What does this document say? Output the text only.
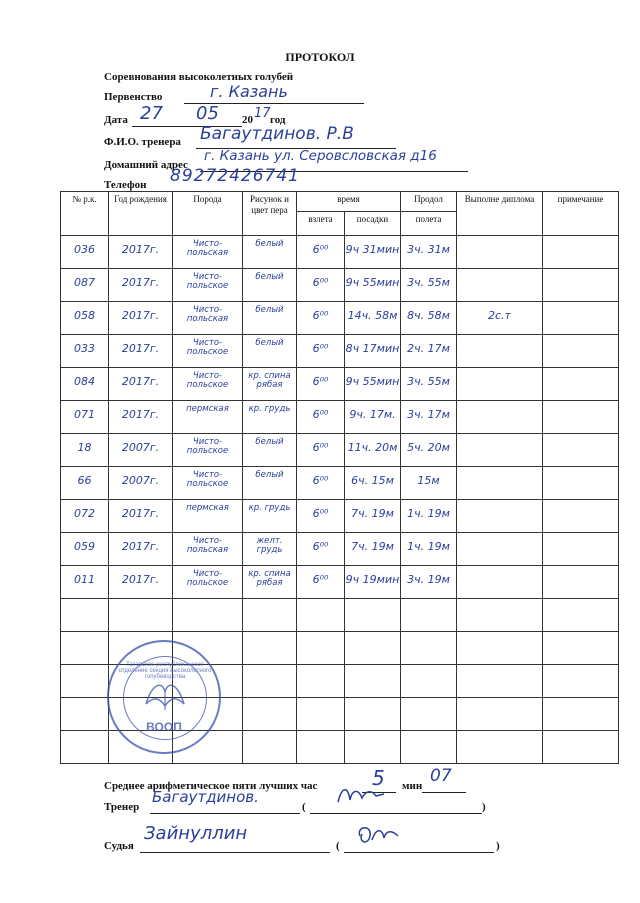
ПРОТОКОЛ
Соревнования высоколетных голубей
Первенство	г. Казань
Дата 27 05 20 17 год
Ф.И.О. тренера Багаутдинов. Р.В
Домашний адрес
г. Казань ул. Серовсловская д16
Телефон 89272426741
№ р.к.	Год рождения	Порода	Рисунок и цвет пера	время		Продол	Выполне диплома	примечание
				взлета	посадки	полета		

036	2017г.	Чисто-польская	белый	6⁰⁰	9ч 31мин	3ч. 31м		

087	2017г.	Чисто-польское	белый	6⁰⁰	9ч 55мин	3ч. 55м		

058	2017г.	Чисто-польская	белый	6⁰⁰	14ч. 58м	8ч. 58м	2с.т	

033	2017г.	Чисто-польское	белый	6⁰⁰	8ч 17мин	2ч. 17м		

084	2017г.	Чисто-польское	кр. спина рябая	6⁰⁰	9ч 55мин	3ч. 55м		

071	2017г.	пермская	кр. грудь	6⁰⁰	9ч. 17м.	3ч. 17м		

18	2007г.	Чисто-польское	белый	6⁰⁰	11ч. 20м	5ч. 20м		

66	2007г.	Чисто-польское	белый	6⁰⁰	6ч. 15м	15м		

072	2017г.	пермская	кр. грудь	6⁰⁰	7ч. 19м	1ч. 19м		

059	2017г.	Чисто-польская	желт. грудь	6⁰⁰	7ч. 19м	1ч. 19м		

011	2017г.	Чисто-польское	кр. спина рябая	6⁰⁰	9ч 19мин	3ч. 19м		

Татарское республиканское отделение секция высоколетного голубеводства
ВООП
Среднее арифметическое пяти лучших час	5 мин 07
Тренер
Багаутдинов.
(	)
Судья
Зайнуллин
(	)
